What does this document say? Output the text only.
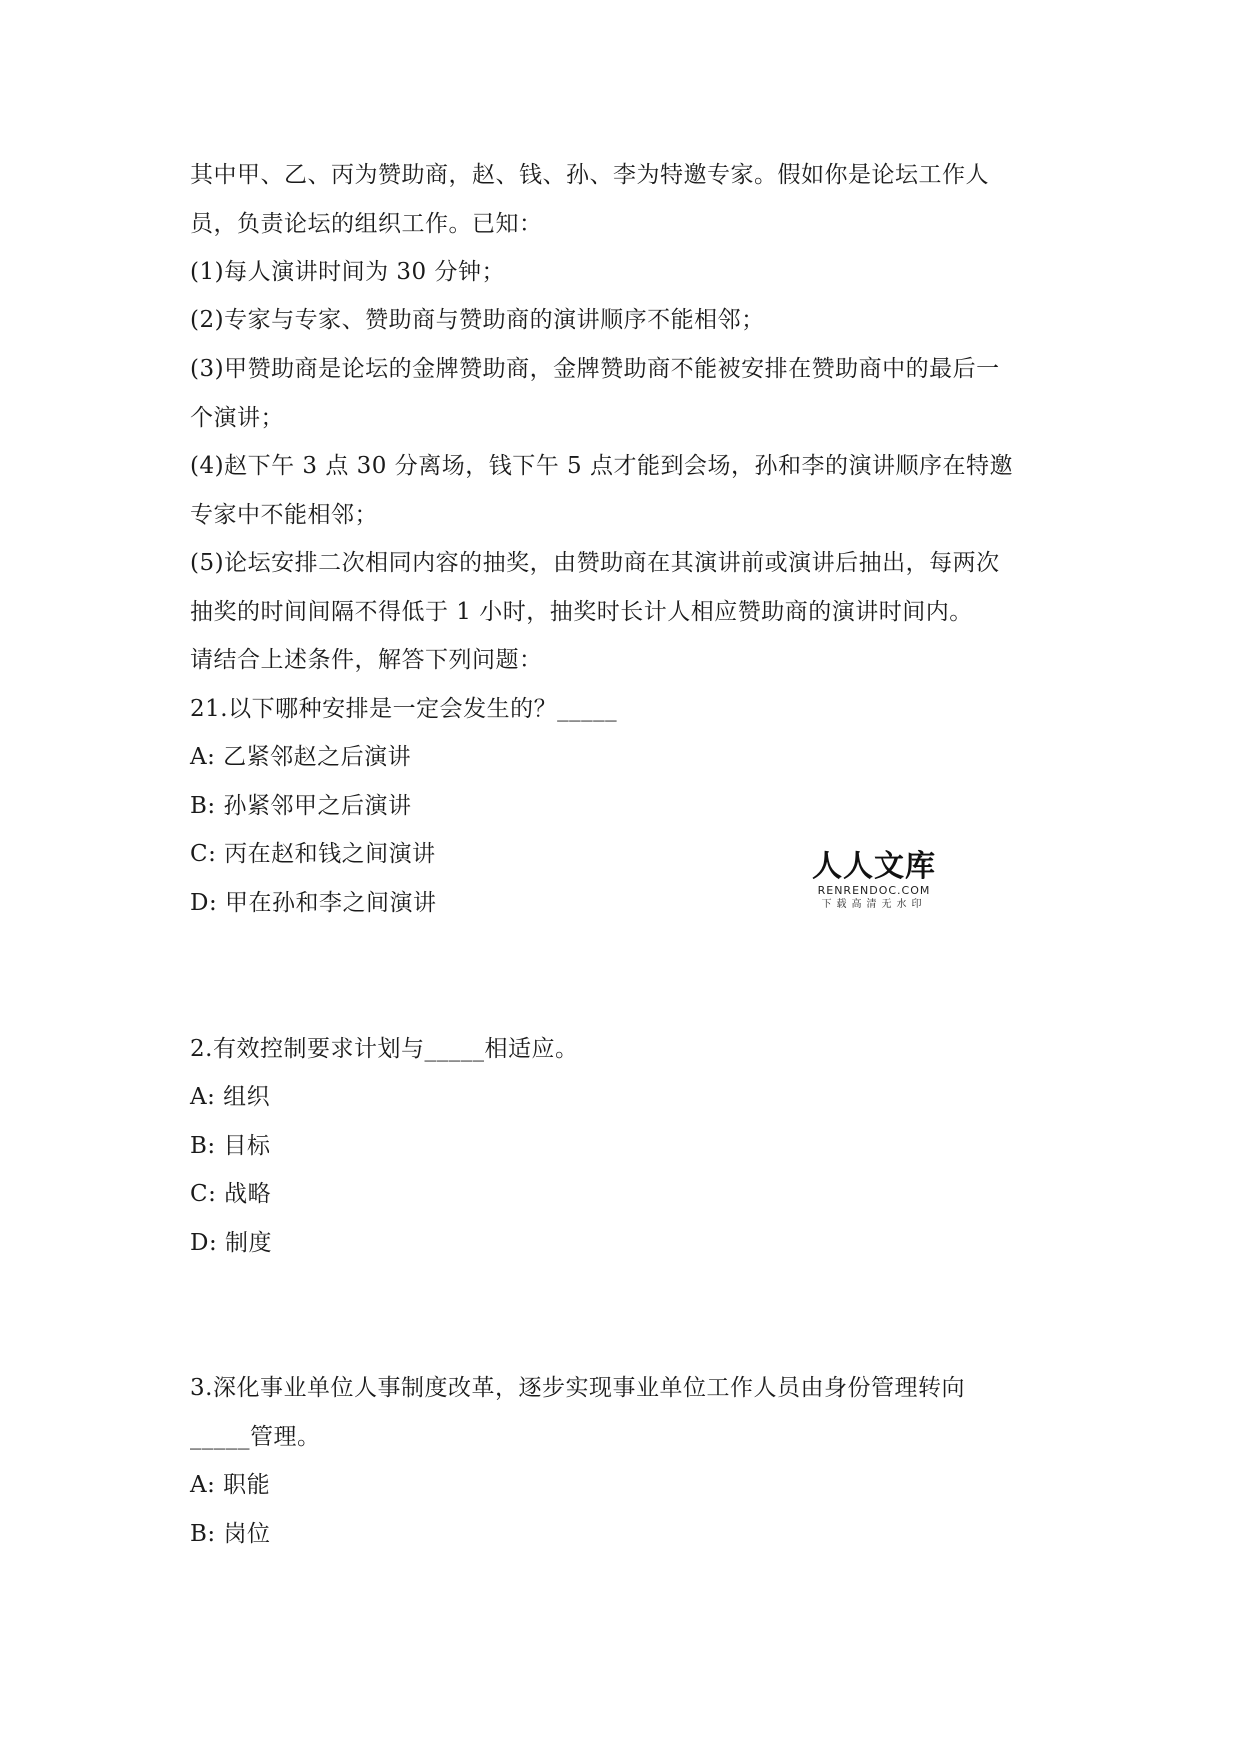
其中甲、乙、丙为赞助商，赵、钱、孙、李为特邀专家。假如你是论坛工作人
员，负责论坛的组织工作。已知：
(1)每人演讲时间为 30 分钟；
(2)专家与专家、赞助商与赞助商的演讲顺序不能相邻；
(3)甲赞助商是论坛的金牌赞助商，金牌赞助商不能被安排在赞助商中的最后一
个演讲；
(4)赵下午 3 点 30 分离场，钱下午 5 点才能到会场，孙和李的演讲顺序在特邀
专家中不能相邻；
(5)论坛安排二次相同内容的抽奖，由赞助商在其演讲前或演讲后抽出，每两次
抽奖的时间间隔不得低于 1 小时，抽奖时长计人相应赞助商的演讲时间内。
请结合上述条件，解答下列问题：
21.以下哪种安排是一定会发生的？_____
A: 乙紧邻赵之后演讲
B: 孙紧邻甲之后演讲
C: 丙在赵和钱之间演讲
D: 甲在孙和李之间演讲
人人文库
RENRENDOC.COM
下载高清无水印
2.有效控制要求计划与_____相适应。
A: 组织
B: 目标
C: 战略
D: 制度
3.深化事业单位人事制度改革，逐步实现事业单位工作人员由身份管理转向
_____管理。
A: 职能
B: 岗位
